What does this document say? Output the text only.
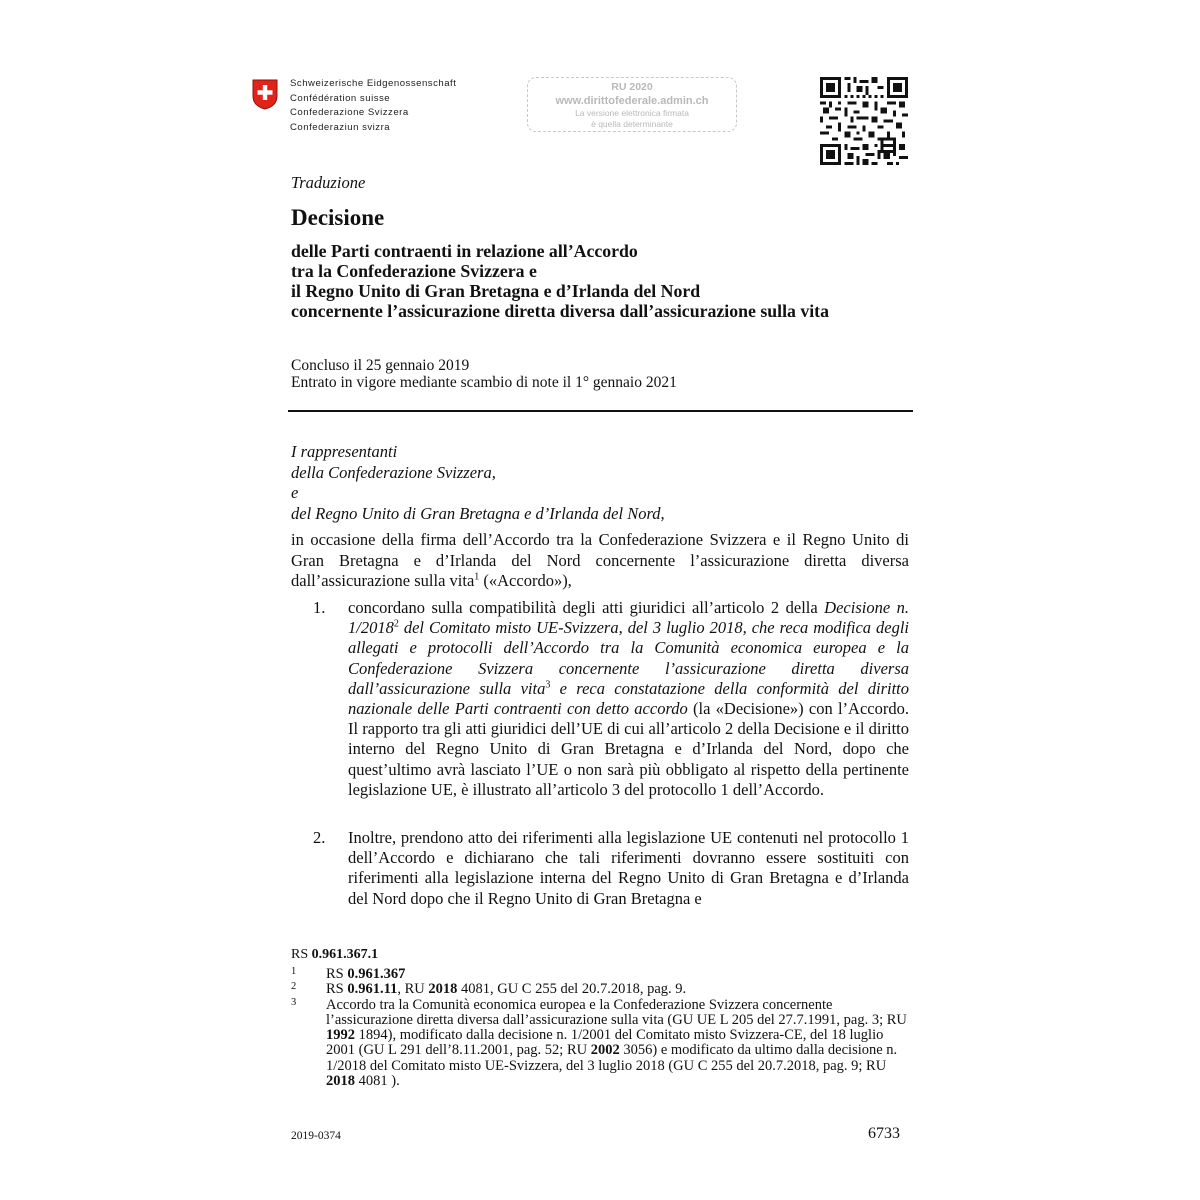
Schweizerische Eidgenossenschaft
Confédération suisse
Confederazione Svizzera
Confederaziun svizra
RU 2020
www.dirittofederale.admin.ch
La versione elettronica firmata
è quella determinante
Traduzione
Decisione
delle Parti contraenti in relazione all’Accordo
tra la Confederazione Svizzera e
il Regno Unito di Gran Bretagna e d’Irlanda del Nord
concernente l’assicurazione diretta diversa dall’assicurazione sulla vita
Concluso il 25 gennaio 2019
Entrato in vigore mediante scambio di note il 1° gennaio 2021
I rappresentanti
della Confederazione Svizzera,
e
del Regno Unito di Gran Bretagna e d’Irlanda del Nord,
in occasione della firma dell’Accordo tra la Confederazione Svizzera e il Regno Unito di Gran Bretagna e d’Irlanda del Nord concernente l’assicurazione diretta diversa dall’assicurazione sulla vita$^1$ («Accordo»),
1. concordano sulla compatibilità degli atti giuridici all’articolo 2 della Decisione n. 1/2018$^2$ del Comitato misto UE-Svizzera, del 3 luglio 2018, che reca modifica degli allegati e protocolli dell’Accordo tra la Comunità economica europea e la Confederazione Svizzera concernente l’assicurazione diretta diversa dall’assicurazione sulla vita$^3$ e reca constatazione della conformità del diritto nazionale delle Parti contraenti con detto accordo (la «Decisione») con l’Accordo. Il rapporto tra gli atti giuridici dell’UE di cui all’articolo 2 della Decisione e il diritto interno del Regno Unito di Gran Bretagna e d’Irlanda del Nord, dopo che quest’ultimo avrà lasciato l’UE o non sarà più obbligato al rispetto della pertinente legislazione UE, è illustrato all’articolo 3 del protocollo 1 dell’Accordo.
2. Inoltre, prendono atto dei riferimenti alla legislazione UE contenuti nel protocollo 1 dell’Accordo e dichiarano che tali riferimenti dovranno essere sostituiti con riferimenti alla legislazione interna del Regno Unito di Gran Bretagna e d’Irlanda del Nord dopo che il Regno Unito di Gran Bretagna e
RS 0.961.367.1
1 RS 0.961.367
2 RS 0.961.11, RU 2018 4081, GU C 255 del 20.7.2018, pag. 9.
3 Accordo tra la Comunità economica europea e la Confederazione Svizzera concernente l’assicurazione diretta diversa dall’assicurazione sulla vita (GU UE L 205 del 27.7.1991, pag. 3; RU 1992 1894), modificato dalla decisione n. 1/2001 del Comitato misto Svizzera-CE, del 18 luglio 2001 (GU L 291 dell’8.11.2001, pag. 52; RU 2002 3056) e modificato da ultimo dalla decisione n. 1/2018 del Comitato misto UE-Svizzera, del 3 luglio 2018 (GU C 255 del 20.7.2018, pag. 9; RU 2018 4081 ).
2019-0374	6733
